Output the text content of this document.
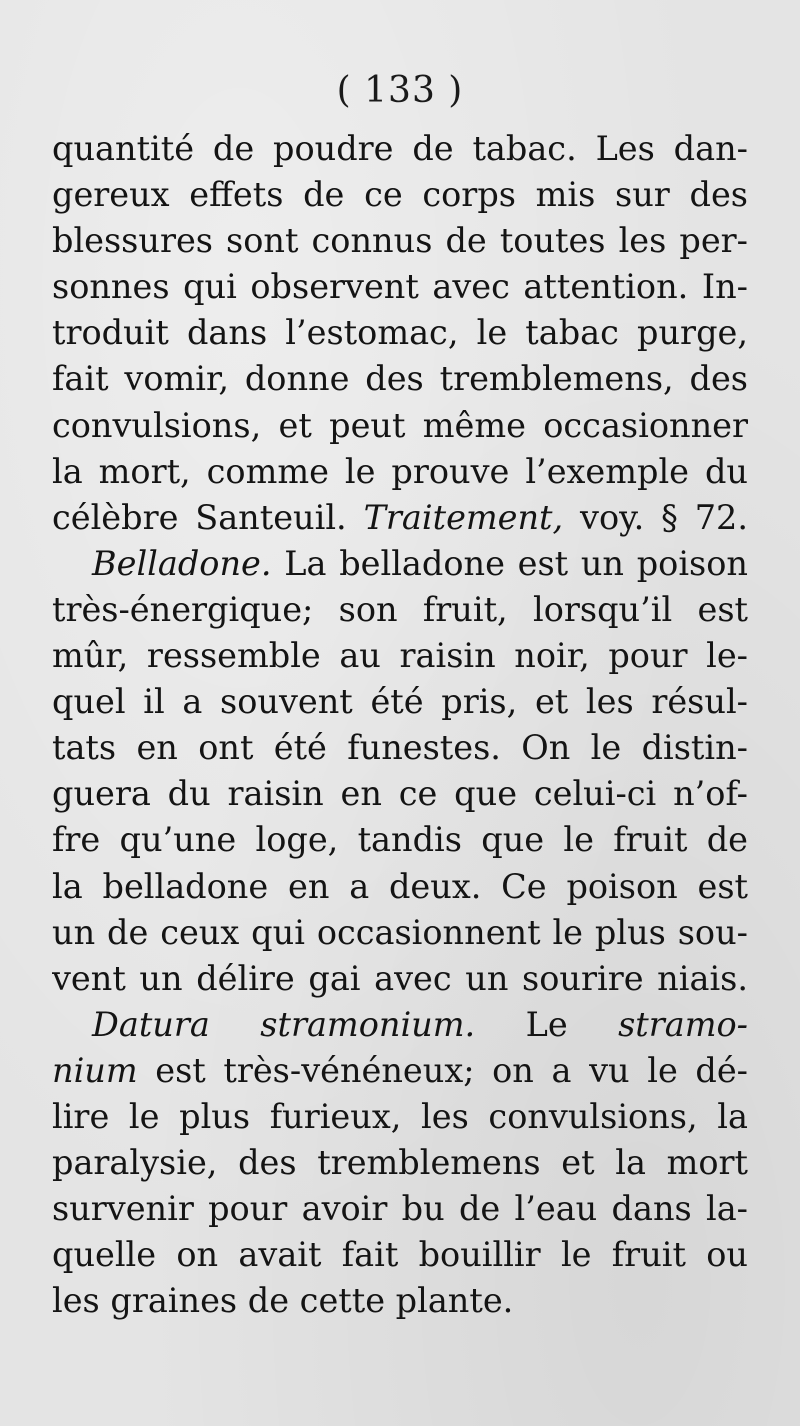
( 133 )
quantité de poudre de tabac. Les dan-
gereux effets de ce corps mis sur des
blessures sont connus de toutes les per-
sonnes qui observent avec attention. In-
troduit dans l’estomac, le tabac purge,
fait vomir, donne des tremblemens, des
convulsions, et peut même occasionner
la mort, comme le prouve l’exemple du
célèbre Santeuil. Traitement, voy. § 72.
Belladone. La belladone est un poison
très-énergique; son fruit, lorsqu’il est
mûr, ressemble au raisin noir, pour le-
quel il a souvent été pris, et les résul-
tats en ont été funestes. On le distin-
guera du raisin en ce que celui-ci n’of-
fre qu’une loge, tandis que le fruit de
la belladone en a deux. Ce poison est
un de ceux qui occasionnent le plus sou-
vent un délire gai avec un sourire niais.
Datura stramonium. Le stramo-
nium est très-vénéneux; on a vu le dé-
lire le plus furieux, les convulsions, la
paralysie, des tremblemens et la mort
survenir pour avoir bu de l’eau dans la-
quelle on avait fait bouillir le fruit ou
les graines de cette plante.
